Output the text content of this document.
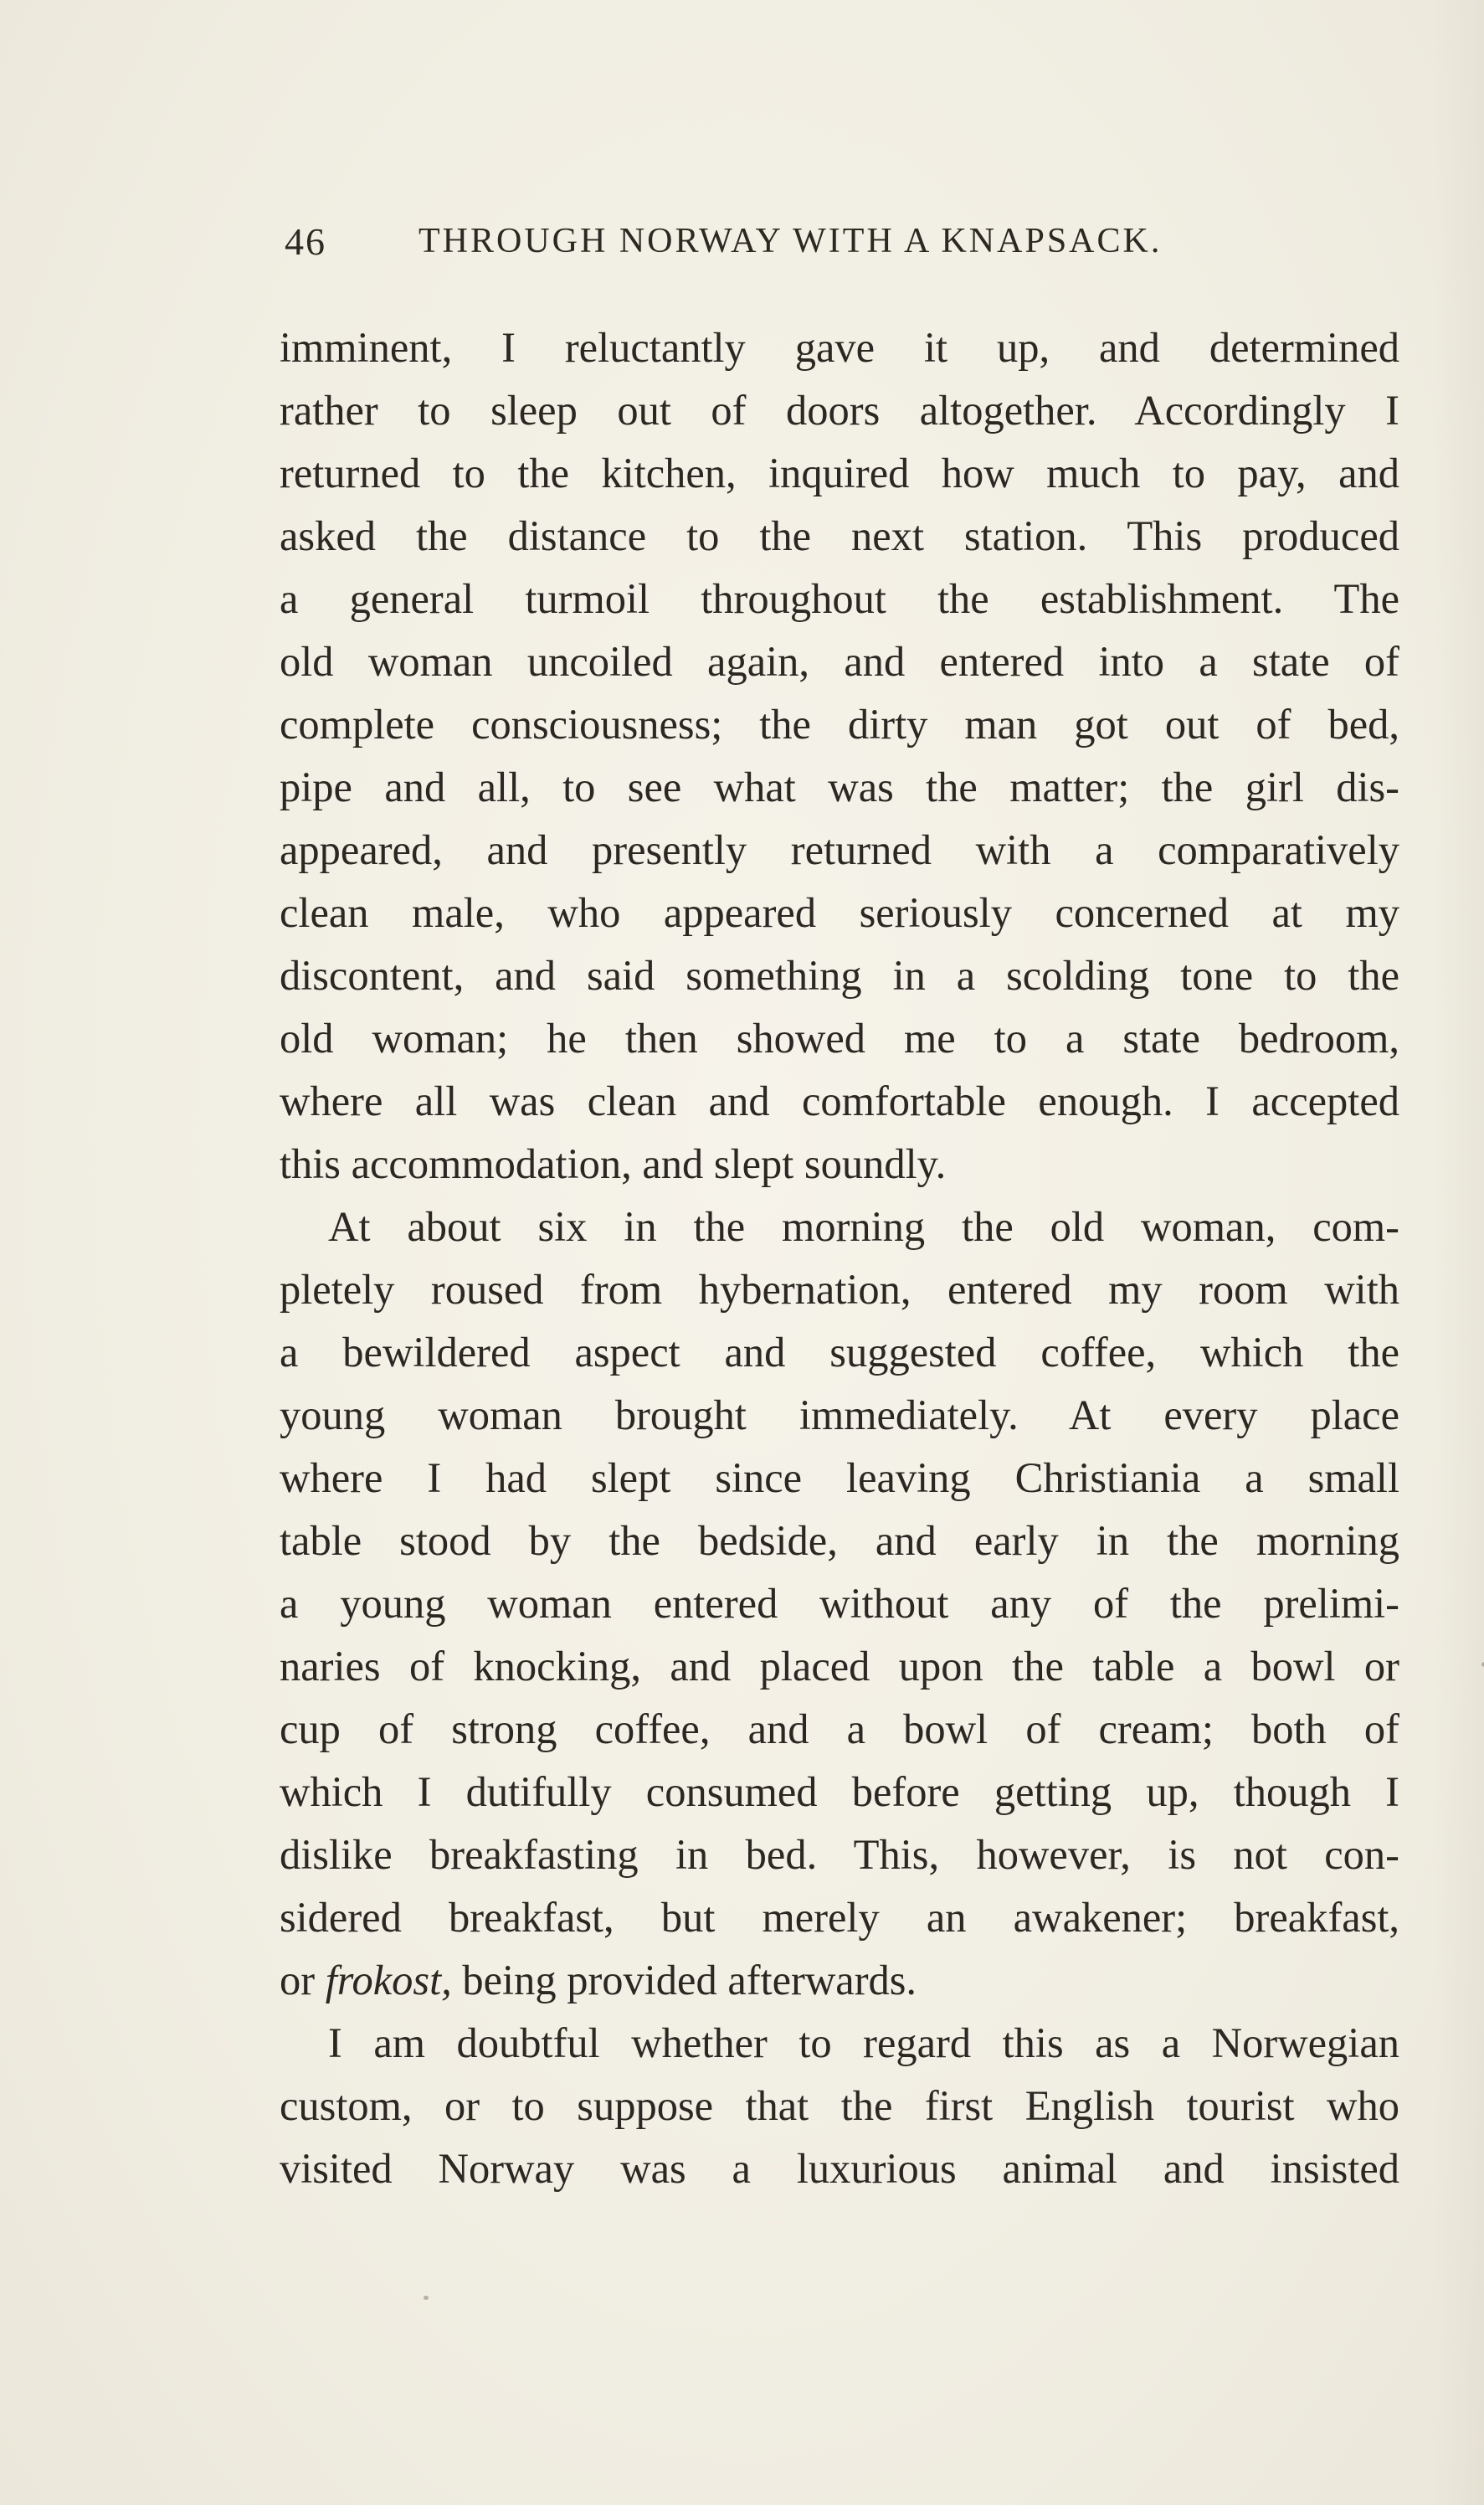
46	THROUGH NORWAY WITH A KNAPSACK.

imminent, I reluctantly gave it up, and determined

rather to sleep out of doors altogether. Accordingly I

returned to the kitchen, inquired how much to pay, and

asked the distance to the next station. This produced

a general turmoil throughout the establishment. The

old woman uncoiled again, and entered into a state of

complete consciousness; the dirty man got out of bed,

pipe and all, to see what was the matter; the girl dis-

appeared, and presently returned with a comparatively

clean male, who appeared seriously concerned at my

discontent, and said something in a scolding tone to the

old woman; he then showed me to a state bedroom,

where all was clean and comfortable enough. I accepted

this accommodation, and slept soundly.

At about six in the morning the old woman, com-

pletely roused from hybernation, entered my room with

a bewildered aspect and suggested coffee, which the

young woman brought immediately. At every place

where I had slept since leaving Christiania a small

table stood by the bedside, and early in the morning

a young woman entered without any of the prelimi-

naries of knocking, and placed upon the table a bowl or

cup of strong coffee, and a bowl of cream; both of

which I dutifully consumed before getting up, though I

dislike breakfasting in bed. This, however, is not con-

sidered breakfast, but merely an awakener; breakfast,

or frokost, being provided afterwards.

I am doubtful whether to regard this as a Norwegian

custom, or to suppose that the first English tourist who

visited Norway was a luxurious animal and insisted
